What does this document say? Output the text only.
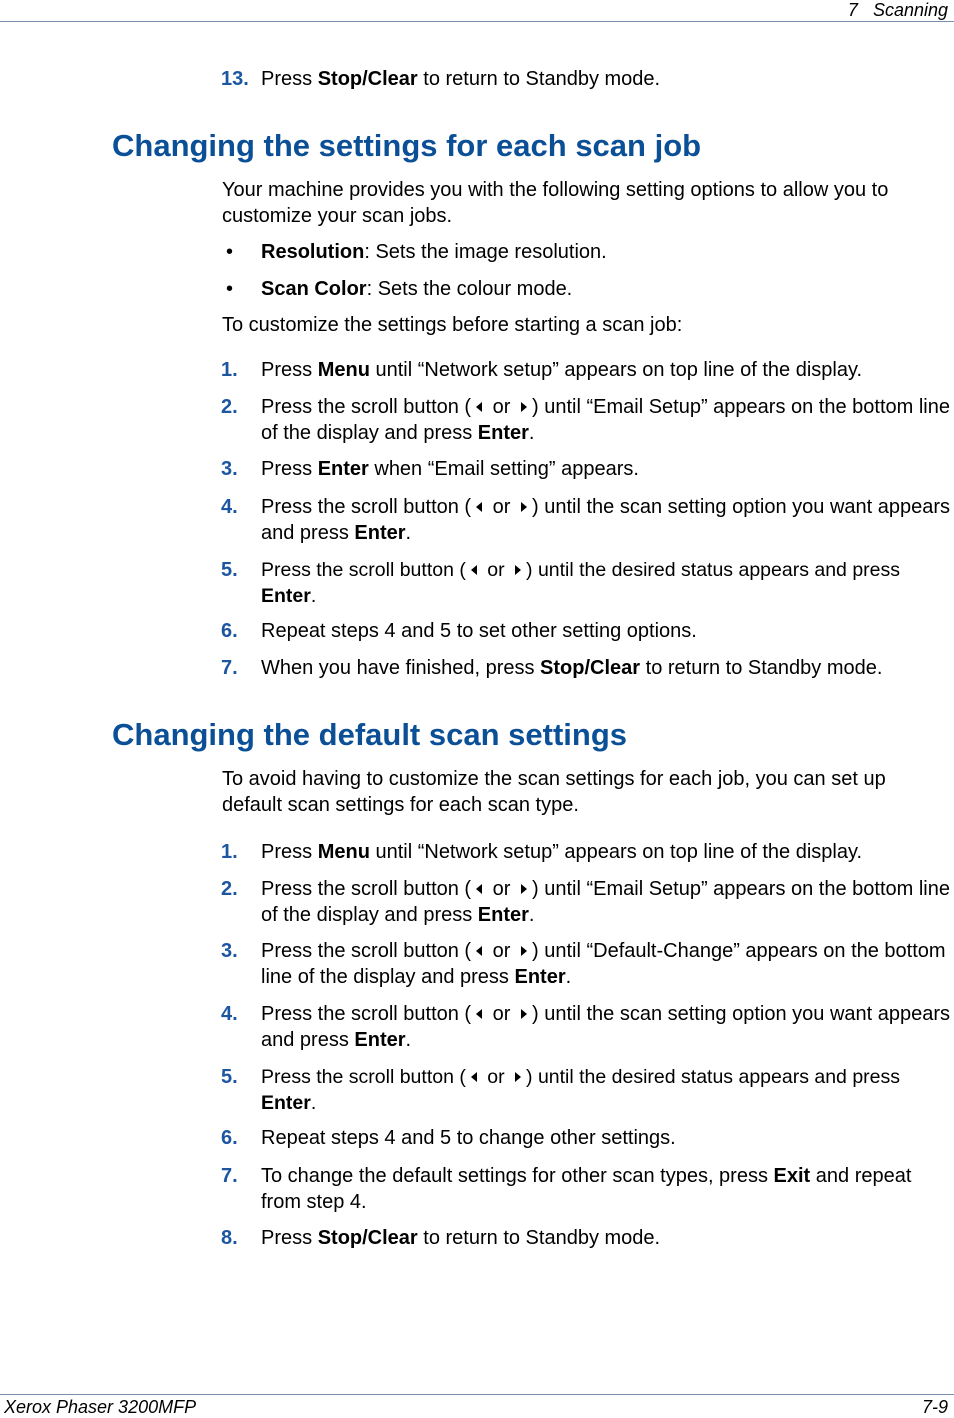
7 Scanning
13. Press Stop/Clear to return to Standby mode.
Changing the settings for each scan job
Your machine provides you with the following setting options to allow you to customize your scan jobs.
• Resolution: Sets the image resolution.
• Scan Color: Sets the colour mode.
To customize the settings before starting a scan job:
1. Press Menu until “Network setup” appears on top line of the display.
2. Press the scroll button ( or ) until “Email Setup” appears on the bottom line of the display and press Enter.
3. Press Enter when “Email setting” appears.
4. Press the scroll button ( or ) until the scan setting option you want appears and press Enter.
5. Press the scroll button ( or ) until the desired status appears and press Enter.
6. Repeat steps 4 and 5 to set other setting options.
7. When you have finished, press Stop/Clear to return to Standby mode.
Changing the default scan settings
To avoid having to customize the scan settings for each job, you can set up default scan settings for each scan type.
1. Press Menu until “Network setup” appears on top line of the display.
2. Press the scroll button ( or ) until “Email Setup” appears on the bottom line of the display and press Enter.
3. Press the scroll button ( or ) until “Default-Change” appears on the bottom line of the display and press Enter.
4. Press the scroll button ( or ) until the scan setting option you want appears and press Enter.
5. Press the scroll button ( or ) until the desired status appears and press Enter.
6. Repeat steps 4 and 5 to change other settings.
7. To change the default settings for other scan types, press Exit and repeat from step 4.
8. Press Stop/Clear to return to Standby mode.
Xerox Phaser 3200MFP	7-9
